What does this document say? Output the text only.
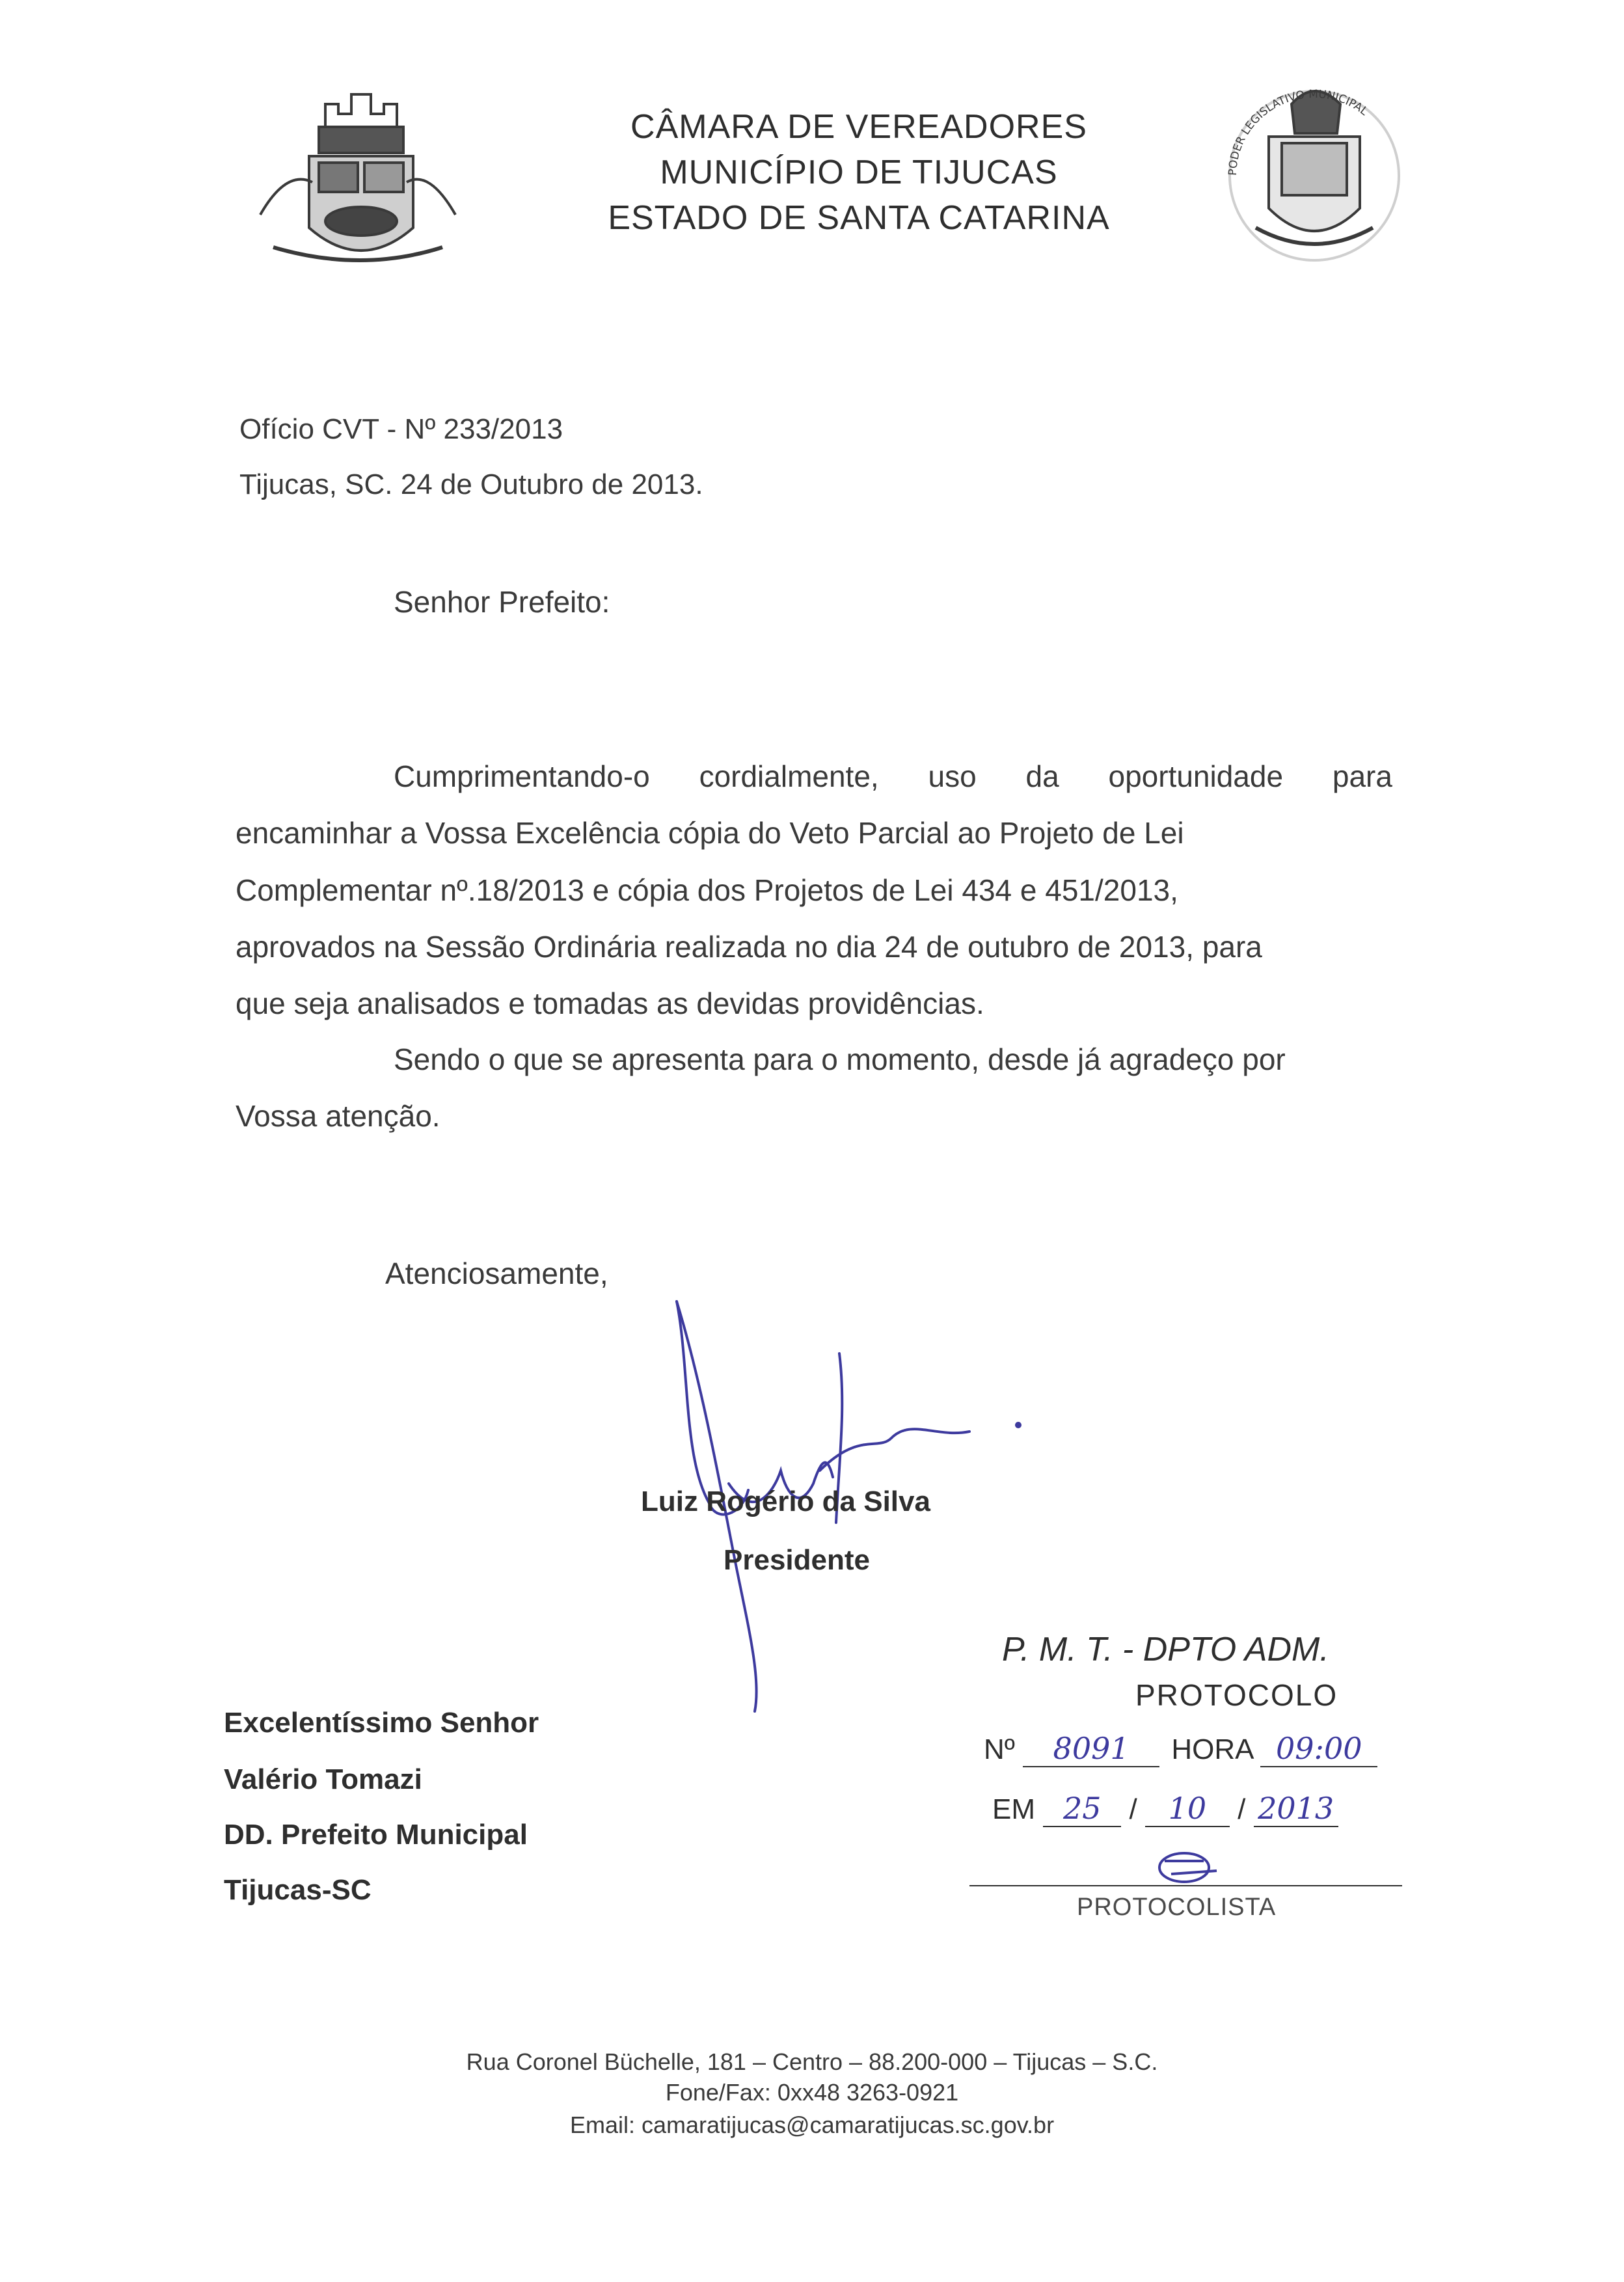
CÂMARA DE VEREADORES
MUNICÍPIO DE TIJUCAS
ESTADO DE SANTA CATARINA
PODER LEGISLATIVO MUNICIPAL
Ofício CVT - Nº 233/2013
Tijucas, SC. 24 de Outubro de 2013.
Senhor Prefeito:
Cumprimentando-o cordialmente, uso da oportunidade para
encaminhar a Vossa Excelência cópia do Veto Parcial ao Projeto de Lei
Complementar nº.18/2013 e cópia dos Projetos de Lei 434 e 451/2013,
aprovados na Sessão Ordinária realizada no dia 24 de outubro de 2013, para
que seja analisados e tomadas as devidas providências.
Sendo o que se apresenta para o momento, desde já agradeço por
Vossa atenção.
Atenciosamente,
Luiz Rogério da Silva
Presidente
Excelentíssimo Senhor
Valério Tomazi
DD. Prefeito Municipal
Tijucas-SC
P. M. T. - DPTO ADM.
PROTOCOLO
Nº 8091 HORA 09:00
EM 25 / 10 / 2013
PROTOCOLISTA
Rua Coronel Büchelle, 181 – Centro – 88.200-000 – Tijucas – S.C.
Fone/Fax: 0xx48 3263-0921
Email: camaratijucas@camaratijucas.sc.gov.br
